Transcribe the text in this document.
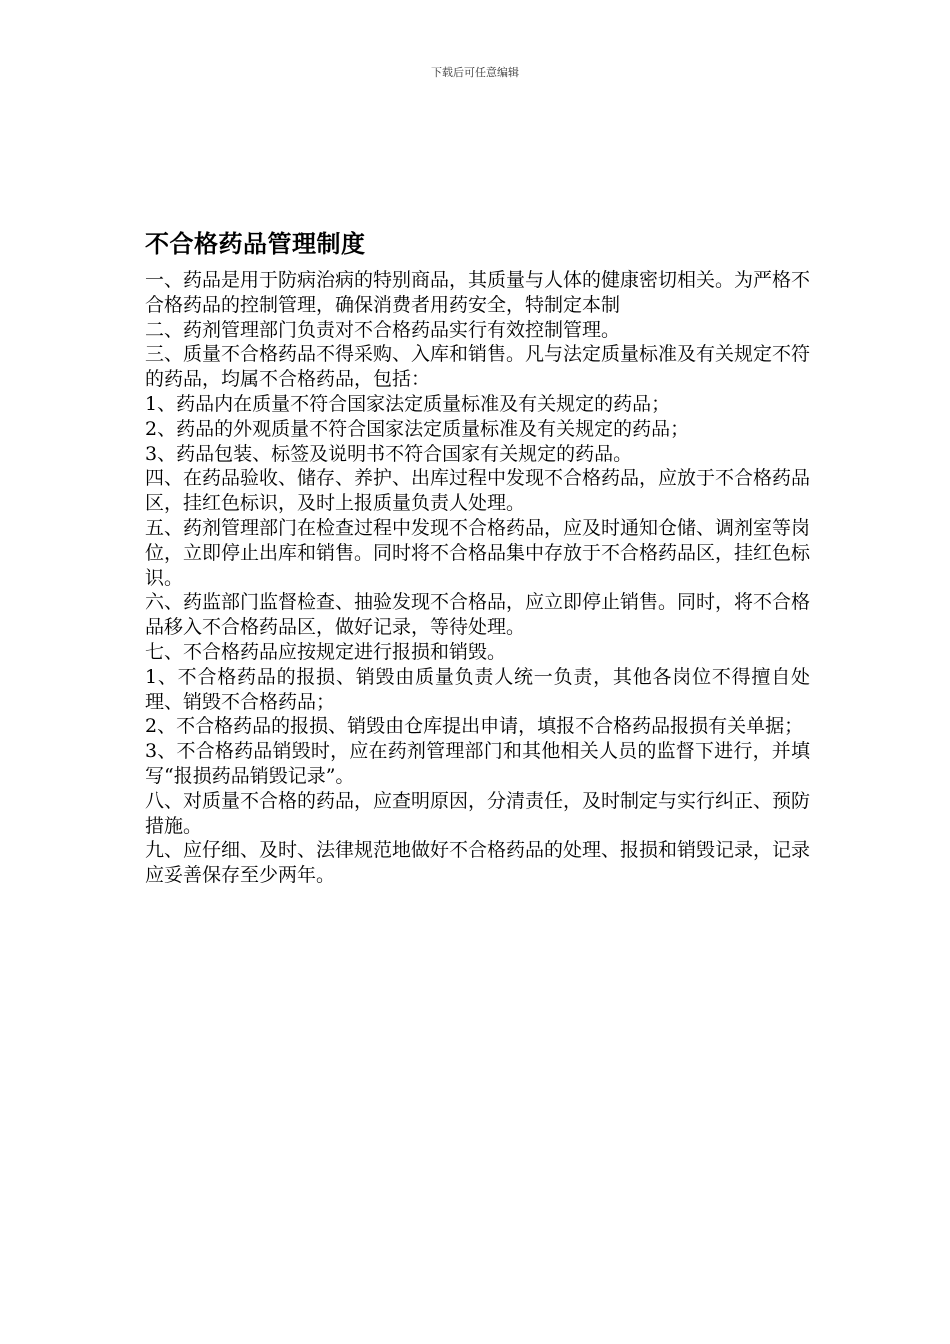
下载后可任意编辑
不合格药品管理制度

一、药品是用于防病治病的特别商品，其质量与人体的健康密切相关。为严格不合格药品的控制管理，确保消费者用药安全，特制定本制

二、药剂管理部门负责对不合格药品实行有效控制管理。

三、质量不合格药品不得采购、入库和销售。凡与法定质量标准及有关规定不符的药品，均属不合格药品，包括：

1、药品内在质量不符合国家法定质量标准及有关规定的药品；

2、药品的外观质量不符合国家法定质量标准及有关规定的药品；

3、药品包装、标签及说明书不符合国家有关规定的药品。

四、在药品验收、储存、养护、出库过程中发现不合格药品，应放于不合格药品区，挂红色标识，及时上报质量负责人处理。

五、药剂管理部门在检查过程中发现不合格药品，应及时通知仓储、调剂室等岗位，立即停止出库和销售。同时将不合格品集中存放于不合格药品区，挂红色标识。

六、药监部门监督检查、抽验发现不合格品，应立即停止销售。同时，将不合格品移入不合格药品区，做好记录，等待处理。

七、不合格药品应按规定进行报损和销毁。

1、不合格药品的报损、销毁由质量负责人统一负责，其他各岗位不得擅自处理、销毁不合格药品；

2、不合格药品的报损、销毁由仓库提出申请，填报不合格药品报损有关单据；

3、不合格药品销毁时，应在药剂管理部门和其他相关人员的监督下进行，并填写“报损药品销毁记录”。

八、对质量不合格的药品，应查明原因，分清责任，及时制定与实行纠正、预防措施。

九、应仔细、及时、法律规范地做好不合格药品的处理、报损和销毁记录，记录应妥善保存至少两年。
